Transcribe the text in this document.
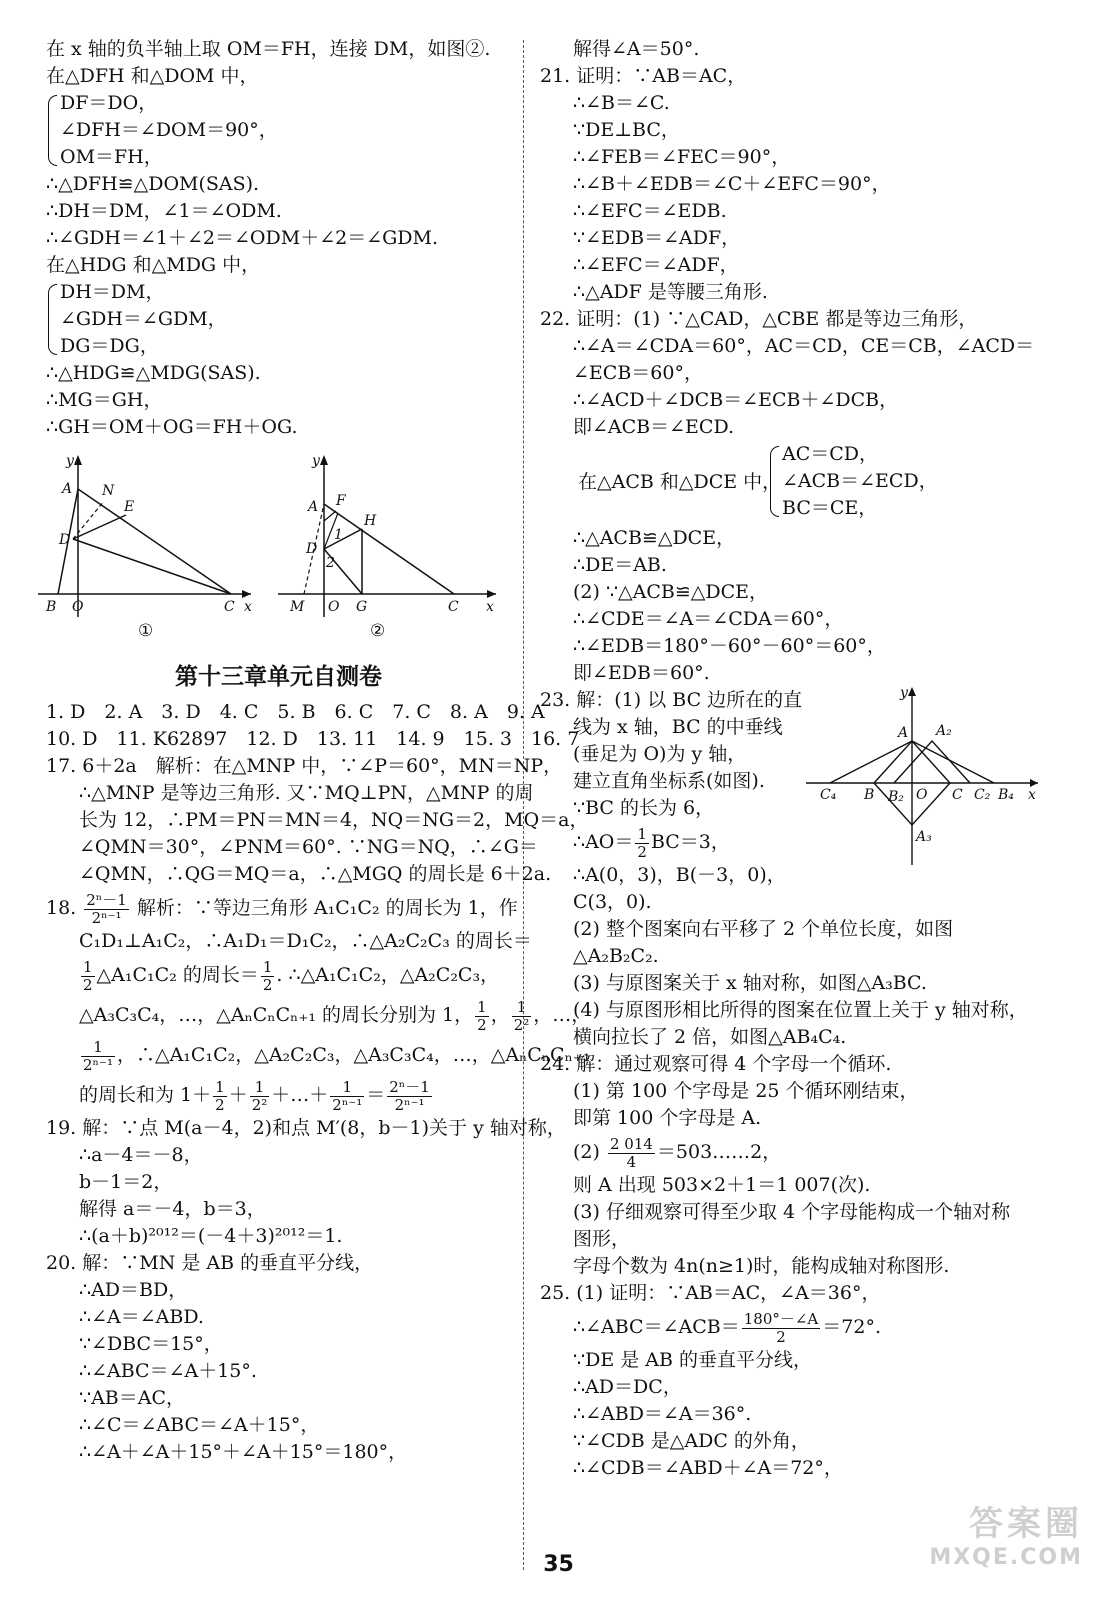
在 x 轴的负半轴上取 OM＝FH，连接 DM，如图②.
在△DFH 和△DOM 中，
DF＝DO，
∠DFH＝∠DOM＝90°，
OM＝FH，
∴△DFH≌△DOM(SAS).
∴DH＝DM，∠1＝∠ODM.
∴∠GDH＝∠1＋∠2＝∠ODM＋∠2＝∠GDM.
在△HDG 和△MDG 中，
DH＝DM，
∠GDH＝∠GDM，
DG＝DG，
∴△HDG≌△MDG(SAS).
∴MG＝GH，
∴GH＝OM＋OG＝FH＋OG.
y
A N
E
D
B O	C x
y
A F
H
D
1
2
M O G	C x
①	②
第十三章单元自测卷
1. D　2. A　3. D　4. C　5. B　6. C　7. C　8. A　9. A
10. D　11. K62897　12. D　13. 11　14. 9　15. 3　16. 7
17. 6＋2a　解析：在△MNP 中，∵∠P＝60°，MN＝NP，
∴△MNP 是等边三角形. 又∵MQ⊥PN，△MNP 的周
长为 12，∴PM＝PN＝MN＝4，NQ＝NG＝2，MQ＝a，
∠QMN＝30°，∠PNM＝60°. ∵NG＝NQ，∴∠G＝
∠QMN，∴QG＝MQ＝a，∴△MGQ 的周长是 6＋2a.
18. $\frac{\text{2ⁿ－1}}{\text{2ⁿ⁻¹}}$ 解析：∵等边三角形 A₁C₁C₂ 的周长为 1，作
C₁D₁⊥A₁C₂，∴A₁D₁＝D₁C₂，∴△A₂C₂C₃ 的周长＝
$\frac{1}{2}$ △A₁C₁C₂ 的周长＝ $\frac{1}{2}$ . ∴△A₁C₁C₂，△A₂C₂C₃，
△A₃C₃C₄，…，△AₙCₙCₙ₊₁ 的周长分别为 1， $\frac{1}{2}$ ， $\frac{1}{\text{2²}}$ ，…，
$\frac{1}{\text{2ⁿ⁻¹}}$ ，∴△A₁C₁C₂，△A₂C₂C₃，△A₃C₃C₄，…，△AₙCₙCₙ₊₁
的周长和为 $1+ \frac{1}{2} + \frac{1}{\text{2²}}$ ＋…＋ $\frac{1}{\text{2ⁿ⁻¹}} = \frac{\text{2ⁿ－1}}{\text{2ⁿ⁻¹}}$
19. 解：∵点 M(a－4，2)和点 M′(8，b－1)关于 y 轴对称，
∴a－4＝－8，
b－1＝2，
解得 a＝－4，b＝3，
∴(a＋b)²⁰¹²＝(－4＋3)²⁰¹²＝1.
20. 解：∵MN 是 AB 的垂直平分线，
∴AD＝BD，
∴∠A＝∠ABD.
∵∠DBC＝15°，
∴∠ABC＝∠A＋15°.
∵AB＝AC，
∴∠C＝∠ABC＝∠A＋15°，
∴∠A＋∠A＋15°＋∠A＋15°＝180°，
解得∠A＝50°.
21. 证明：∵AB＝AC，
∴∠B＝∠C.
∵DE⊥BC，
∴∠FEB＝∠FEC＝90°，
∴∠B＋∠EDB＝∠C＋∠EFC＝90°，
∴∠EFC＝∠EDB.
∵∠EDB＝∠ADF，
∴∠EFC＝∠ADF，
∴△ADF 是等腰三角形.
22. 证明：(1) ∵△CAD，△CBE 都是等边三角形，
∴∠A＝∠CDA＝60°，AC＝CD，CE＝CB，∠ACD＝
∠ECB＝60°，
∴∠ACD＋∠DCB＝∠ECB＋∠DCB，
即∠ACB＝∠ECD.
在△ACB 和△DCE 中，
AC＝CD，
∠ACB＝∠ECD，
BC＝CE，
∴△ACB≌△DCE，
∴DE＝AB.
(2) ∵△ACB≌△DCE，
∴∠CDE＝∠A＝∠CDA＝60°，
∴∠EDB＝180°－60°－60°＝60°，
即∠EDB＝60°.
y
A A₂
C₄ B B₂ O C C₂ B₄ x
A₃
23. 解：(1) 以 BC 边所在的直
线为 x 轴，BC 的中垂线
(垂足为 O)为 y 轴，
建立直角坐标系(如图).
∵BC 的长为 6，
∴AO＝ $\frac{1}{2} BC=3$，
∴A(0，3)，B(－3，0)，
C(3，0).
(2) 整个图案向右平移了 2 个单位长度，如图
△A₂B₂C₂.
(3) 与原图案关于 x 轴对称，如图△A₃BC.
(4) 与原图形相比所得的图案在位置上关于 y 轴对称，
横向拉长了 2 倍，如图△AB₄C₄.
24. 解：通过观察可得 4 个字母一个循环.
(1) 第 100 个字母是 25 个循环刚结束，
即第 100 个字母是 A.
$(2) \frac{2 014}{4}$ ＝503……2，
则 A 出现 503×2＋1＝1 007(次).
(3) 仔细观察可得至少取 4 个字母能构成一个轴对称
图形，
字母个数为 4n(n≥1)时，能构成轴对称图形.
25. (1) 证明：∵AB＝AC，∠A＝36°，
∴∠ABC＝∠ACB＝ $\frac{180^\circ-\angle A}{2} =72^\circ$.
∵DE 是 AB 的垂直平分线，
∴AD＝DC，
∴∠ABD＝∠A＝36°.
∵∠CDB 是△ADC 的外角，
∴∠CDB＝∠ABD＋∠A＝72°，
35
答案圈
MXQE.COM
